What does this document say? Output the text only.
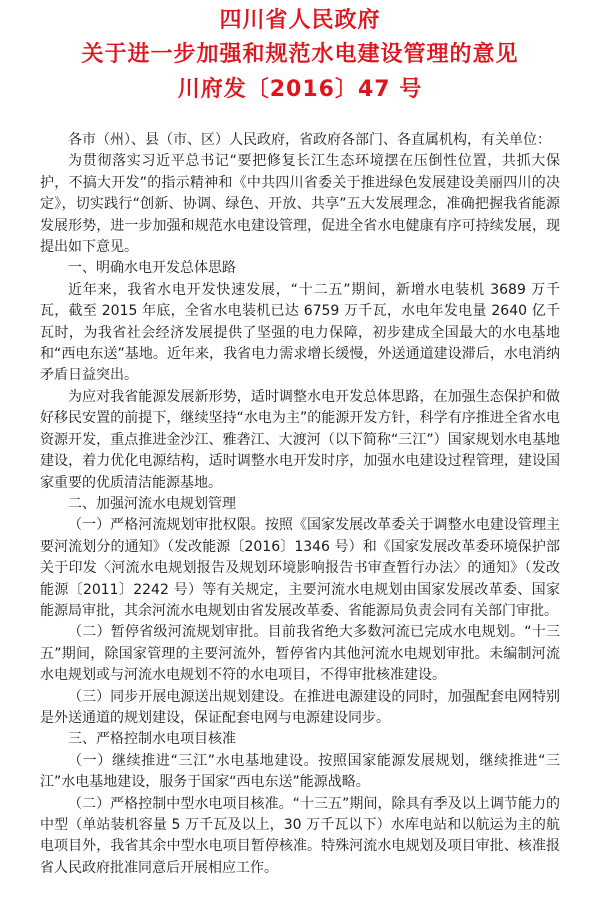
四川省人民政府
关于进一步加强和规范水电建设管理的意见
川府发〔2016〕47 号

各市（州）、县（市、区）人民政府，省政府各部门、各直属机构，有关单位：

为贯彻落实习近平总书记“要把修复长江生态环境摆在压倒性位置，共抓大保护，不搞大开发”的指示精神和《中共四川省委关于推进绿色发展建设美丽四川的决定》，切实践行“创新、协调、绿色、开放、共享”五大发展理念，准确把握我省能源发展形势，进一步加强和规范水电建设管理，促进全省水电健康有序可持续发展，现提出如下意见。

一、明确水电开发总体思路

近年来，我省水电开发快速发展，“十二五”期间，新增水电装机 3689 万千瓦，截至 2015 年底，全省水电装机已达 6759 万千瓦，水电年发电量 2640 亿千瓦时，为我省社会经济发展提供了坚强的电力保障，初步建成全国最大的水电基地和“西电东送”基地。近年来，我省电力需求增长缓慢，外送通道建设滞后，水电消纳矛盾日益突出。

为应对我省能源发展新形势，适时调整水电开发总体思路，在加强生态保护和做好移民安置的前提下，继续坚持“水电为主”的能源开发方针，科学有序推进全省水电资源开发，重点推进金沙江、雅砻江、大渡河（以下简称“三江”）国家规划水电基地建设，着力优化电源结构，适时调整水电开发时序，加强水电建设过程管理，建设国家重要的优质清洁能源基地。

二、加强河流水电规划管理

（一）严格河流规划审批权限。按照《国家发展改革委关于调整水电建设管理主要河流划分的通知》（发改能源〔2016〕1346 号）和《国家发展改革委环境保护部关于印发〈河流水电规划报告及规划环境影响报告书审查暂行办法〉的通知》（发改能源〔2011〕2242 号）等有关规定，主要河流水电规划由国家发展改革委、国家能源局审批，其余河流水电规划由省发展改革委、省能源局负责会同有关部门审批。

（二）暂停省级河流规划审批。目前我省绝大多数河流已完成水电规划。“十三五”期间，除国家管理的主要河流外，暂停省内其他河流水电规划审批。未编制河流水电规划或与河流水电规划不符的水电项目，不得审批核准建设。

（三）同步开展电源送出规划建设。在推进电源建设的同时，加强配套电网特别是外送通道的规划建设，保证配套电网与电源建设同步。

三、严格控制水电项目核准

（一）继续推进“三江”水电基地建设。按照国家能源发展规划，继续推进“三江”水电基地建设，服务于国家“西电东送”能源战略。

（二）严格控制中型水电项目核准。“十三五”期间，除具有季及以上调节能力的中型（单站装机容量 5 万千瓦及以上，30 万千瓦以下）水库电站和以航运为主的航电项目外，我省其余中型水电项目暂停核准。特殊河流水电规划及项目审批、核准报省人民政府批准同意后开展相应工作。
